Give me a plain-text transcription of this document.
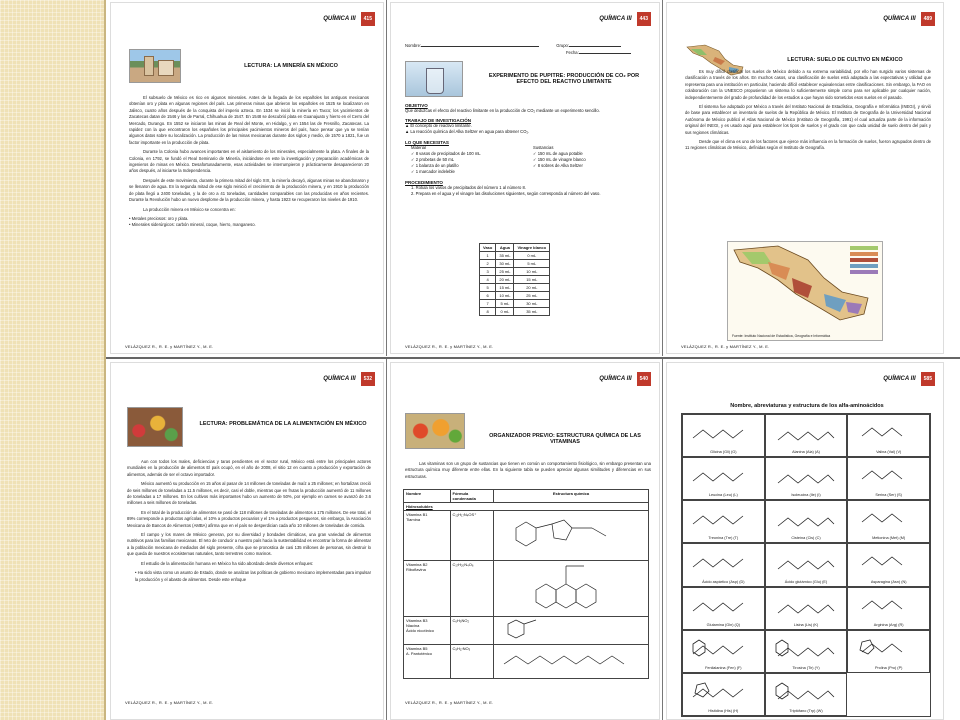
QUÍMICA III	415
LECTURA: LA MINERÍA EN MÉXICO

El subsuelo de México es rico en algunos minerales. Antes de la llegada de los españoles los antiguos mexicanos obtenían oro y plata en algunas regiones del país. Las primeras minas que abrieron los españoles en 1525 se localizaron en Jalisco, cuatro años después de la conquista del imperio azteca. En 1534 se inició la minería en Taxco; los yacimientos de Zacatecas datan de 1546 y los de Parral, Chihuahua de 1547. En 1548 se descubrió plata en Guanajuato y hierro en el Cerro del Mercado, Durango. En 1552 se iniciaron las minas de Real del Monte, en Hidalgo, y en 1554 las de Fresnillo, Zacatecas. La rapidez con la que encontraron los españoles los principales yacimientos mineros del país, hace pensar que ya se tenían algunos datos sobre su localización. La producción de las minas mexicanas durante dos siglos y medio, de 1570 a 1821, fue un factor importante en la producción de plata.

Durante la Colonia hubo avances importantes en el aislamiento de los minerales, especialmente la plata. A finales de la Colonia, en 1792, se fundó el Real Seminario de Minería, iniciándose en este la investigación y preparación académicas de ingenieros de minas en México. Desafortunadamente, esas actividades se interrumpieron y prácticamente desaparecieron 20 años después, al iniciarse la Independencia.

Después de este movimiento, durante la primera mitad del siglo XIX, la minería decayó, algunas minas se abandonaron y se llenaron de agua. En la segunda mitad de ese siglo reinició el crecimiento de la producción minera, y en 1910 la producción de plata llegó a 2400 toneladas, y la de oro a 41 toneladas, cantidades comparables con las producidas en años recientes. Durante la Revolución hubo un nuevo desplome de la producción minera, y hasta 1923 se recuperaron los niveles de 1910.

La producción minera en México se concentra en:

• Metales preciosos: oro y plata.
• Minerales siderúrgicos: carbón mineral, coque, hierro, manganeso.
VELÁZQUEZ R., R. E. y MARTÍNEZ Y., M. E.
QUÍMICA III	443
Nombre:	Grupo:
Fecha:
EXPERIMENTO DE PUPITRE: PRODUCCIÓN DE CO₂ POR EFECTO DEL REACTIVO LIMITANTE
OBJETIVO
Que deduzcas el efecto del reactivo limitante en la producción de CO₂ mediante un experimento sencillo.
TRABAJO DE INVESTIGACIÓN
▲ El concepto de reactivo limitante.
▲ La reacción química del Alka Seltzer en agua para obtener CO₂.
LO QUE NECESITAS
Material
✓ 8 vasos de precipitados de 100 mL
✓ 2 probetas de 50 mL
✓ 1 balanza de un platillo
✓ 1 marcador indeleble
Sustancias
✓ 150 mL de agua potable
✓ 150 mL de vinagre blanco
✓ 8 sobres de Alka Seltzer
PROCEDIMIENTO
1. Rotula los vasos de precipitados del número 1 al número 8.
2. Prepara en el agua y el vinagre las disoluciones siguientes, según corresponda al número del vaso.
Vaso	Agua	Vinagre blanco
1	35 mL	0 mL
2	30 mL	5 mL
3	25 mL	10 mL
4	20 mL	15 mL
5	15 mL	20 mL
6	10 mL	25 mL
7	5 mL	30 mL
8	0 mL	35 mL
VELÁZQUEZ R., R. E. y MARTÍNEZ Y., M. E.
QUÍMICA III	489
LECTURA: SUELO DE CULTIVO EN MÉXICO

Es muy difícil clasificar los suelos de México debido a su extrema variabilidad, por ello han surgido varios sistemas de clasificación a través de los años. En muchos casos, una clasificación de suelos está adaptada a las expectativas y utilidad que representa para una institución en particular, haciendo difícil establecer equivalencias entre clasificaciones. Sin embargo, la FAO en colaboración con la UNESCO propusieron un sistema lo suficientemente simple como para ser aplicable por cualquier nación, independientemente del grado de profundidad de los estudios a que hayan sido sometidos esos suelos en el pasado.

El sistema fue adoptado por México a través del Instituto Nacional de Estadística, Geografía e Informática (INEGI), y sirvió de base para establecer un inventario de suelos de la República de México. El Instituto de Geografía de la Universidad Nacional Autónoma de México publicó el Atlas Nacional de México (Instituto de Geografía, 1991) el cual actualiza parte de la información original del INEGI, y es usado aquí para establecer los tipos de suelos y el grado con que cada unidad de suelo dentro del país y sus regiones climáticas.

Desde que el clima es uno de los factores que ejerce más influencia en la formación de suelos, fueron agrupados dentro de 11 regiones climáticas de México, definidas según el Instituto de Geografía.

Fuente: Instituto Nacional de Estadística, Geografía e Informática
VELÁZQUEZ R., R. E. y MARTÍNEZ Y., M. E.
QUÍMICA III	532
LECTURA: PROBLEMÁTICA DE LA ALIMENTACIÓN EN MÉXICO

Aun con todos los males, deficiencias y taras pendientes en el sector rural, México está entre los principales actores mundiales en la producción de alimentos El país ocupó, en el año de 2008, el sitio 12 en cuanto a producción y exportación de alimentos, además de ser el octavo importador.

México aumentó su producción en 15 años al pasar de 14 millones de toneladas de maíz a 25 millones; en hortalizas creció de seis millones de toneladas a 11.5 millones, es decir, casi el doble, mientras que en frutas la producción aumentó de 11 millones de toneladas a 17 millones. En los cultivos más importantes hubo un aumento de 50%, por ejemplo en carnes se avanzó de 3.6 millones a seis millones de toneladas.

En el total de la producción de alimentos se pasó de 118 millones de toneladas de alimentos a 175 millones. De ese total, el 89% corresponde a productos agrícolas, el 10% a productos pecuarios y el 1% a productos pesqueros, sin embargo, la Asociación Mexicana de Bancos de Alimentos (AMBA) afirma que en el país se desperdician cada año 10 millones de toneladas de comida.

El campo y los mares de México generan, por su diversidad y bondades climáticas, una gran variedad de alimentos nutritivos para las familias mexicanas. El reto de conducir a nuestro país hacia la sustentabilidad es encontrar la forma de alimentar a la población mexicana de mediados del siglo presente, cifra que se pronostica de casi 135 millones de personas, sin destruir lo que queda de nuestros ecosistemas naturales, tanto terrestres como marinos.

El estudio de la alimentación humana en México ha sido abordado desde diversos enfoques:

• Ha sido vista como un asunto de Estado, donde se analizan las políticas de gobierno mexicano implementadas para impulsar la producción y el abasto de alimentos. Desde este enfoque
VELÁZQUEZ R., R. E. y MARTÍNEZ Y., M. E.
QUÍMICA III	540
ORGANIZADOR PREVIO: ESTRUCTURA QUÍMICA DE LAS VITAMINAS
Las vitaminas son un grupo de sustancias que tienen en común un comportamiento fisiológico, sin embargo presentan una estructura química muy diferente entre ellas. En la siguiente tabla se pueden apreciar algunas similitudes y diferencias en sus estructuras.
Nombre	Fórmula condensada	Estructura química
Hidrosolubles		

Vitamina B1
Tiamina	C₁₂H₁₇N₄OS⁺	

Vitamina B2
Riboflavina	C₁₇H₂₀N₄O₆	

Vitamina B3
Niacina
Ácido nicotínico	C₆H₅NO₂	

Vitamina B5
A. Pantoténico	C₉H₁₇NO₅	
VELÁZQUEZ R., R. E. y MARTÍNEZ Y., M. E.
QUÍMICA III	585
Nombre, abreviaturas y estructura de los alfa-aminoácidos
Glicina (Gli) (G)	Alanina (Ala) (A)	Valina (Val) (V)
Leucina (Leu) (L)	Isoleucina (Ile) (I)	Serina (Ser) (S)
Treonina (Tre) (T)	Cisteína (Cis) (C)	Metionina (Met) (M)
Ácido aspártico (Asp) (D)	Ácido glutámico (Glu) (E)	Asparagina (Asn) (N)
Glutamina (Gln) (Q)	Lisina (Lis) (K)	Arginina (Arg) (R)
Fenilalanina (Fen) (F)	Tirosina (Tir) (Y)	Prolina (Pro) (P)
Histidina (His) (H)	Triptófano (Trp) (W)
